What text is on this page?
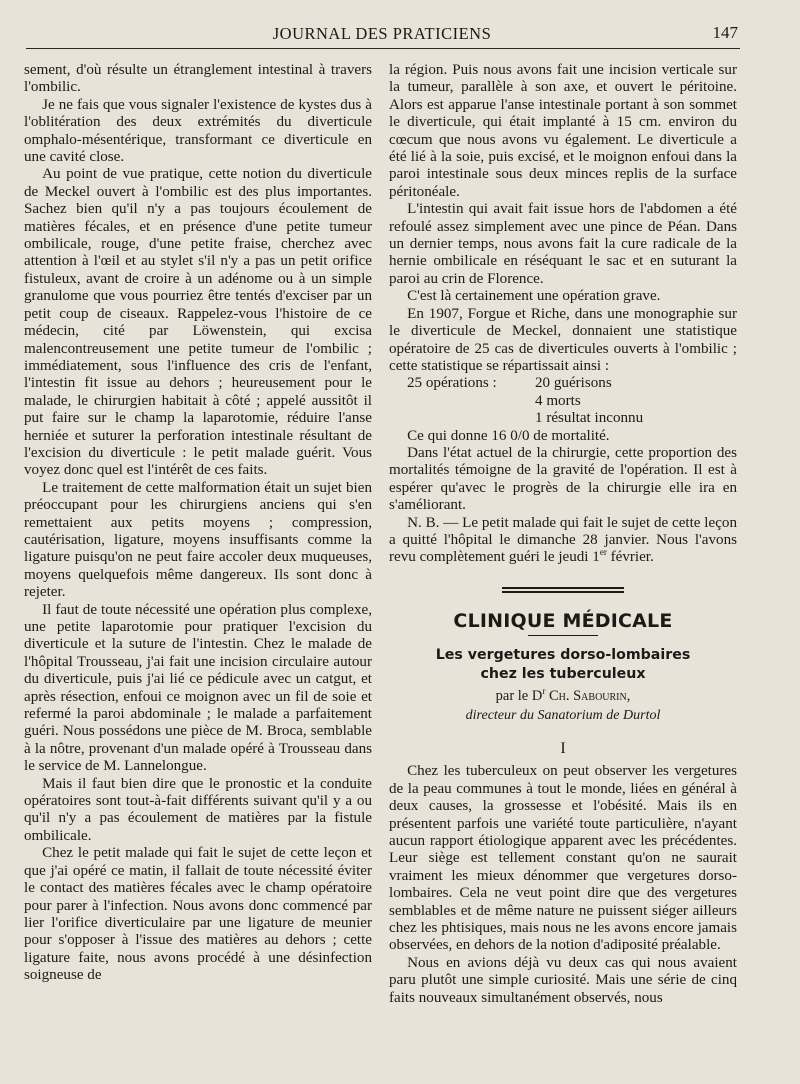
JOURNAL DES PRATICIENS	147

sement, d'où résulte un étranglement intestinal à travers l'ombilic.

Je ne fais que vous signaler l'existence de kystes dus à l'oblitération des deux extrémités du diverticule omphalo-mésentérique, transformant ce diverticule en une cavité close.

Au point de vue pratique, cette notion du diverticule de Meckel ouvert à l'ombilic est des plus importantes. Sachez bien qu'il n'y a pas toujours écoulement de matières fécales, et en présence d'une petite tumeur ombilicale, rouge, d'une petite fraise, cherchez avec attention à l'œil et au stylet s'il n'y a pas un petit orifice fistuleux, avant de croire à un adénome ou à un simple granulome que vous pourriez être tentés d'exciser par un petit coup de ciseaux. Rappelez-vous l'histoire de ce médecin, cité par Löwenstein, qui excisa malencontreusement une petite tumeur de l'ombilic ; immédiatement, sous l'influence des cris de l'enfant, l'intestin fit issue au dehors ; heureusement pour le malade, le chirurgien habitait à côté ; appelé aussitôt il put faire sur le champ la laparotomie, réduire l'anse herniée et suturer la perforation intestinale résultant de l'excision du diverticule : le petit malade guérit. Vous voyez donc quel est l'intérêt de ces faits.

Le traitement de cette malformation était un sujet bien préoccupant pour les chirurgiens anciens qui s'en remettaient aux petits moyens ; compression, cautérisation, ligature, moyens insuffisants comme la ligature puisqu'on ne peut faire accoler deux muqueuses, moyens quelquefois même dangereux. Ils sont donc à rejeter.

Il faut de toute nécessité une opération plus complexe, une petite laparotomie pour pratiquer l'excision du diverticule et la suture de l'intestin. Chez le malade de l'hôpital Trousseau, j'ai fait une incision circulaire autour du diverticule, puis j'ai lié ce pédicule avec un catgut, et après résection, enfoui ce moignon avec un fil de soie et refermé la paroi abdominale ; le malade a parfaitement guéri. Nous possédons une pièce de M. Broca, semblable à la nôtre, provenant d'un malade opéré à Trousseau dans le service de M. Lannelongue.

Mais il faut bien dire que le pronostic et la conduite opératoires sont tout-à-fait différents suivant qu'il y a ou qu'il n'y a pas écoulement de matières par la fistule ombilicale.

Chez le petit malade qui fait le sujet de cette leçon et que j'ai opéré ce matin, il fallait de toute nécessité éviter le contact des matières fécales avec le champ opératoire pour parer à l'infection. Nous avons donc commencé par lier l'orifice diverticulaire par une ligature de meunier pour s'opposer à l'issue des matières au dehors ; cette ligature faite, nous avons procédé à une désinfection soigneuse de

la région. Puis nous avons fait une incision verticale sur la tumeur, parallèle à son axe, et ouvert le péritoine. Alors est apparue l'anse intestinale portant à son sommet le diverticule, qui était implanté à 15 cm. environ du cœcum que nous avons vu également. Le diverticule a été lié à la soie, puis excisé, et le moignon enfoui dans la paroi intestinale sous deux minces replis de la surface péritonéale.

L'intestin qui avait fait issue hors de l'abdomen a été refoulé assez simplement avec une pince de Péan. Dans un dernier temps, nous avons fait la cure radicale de la hernie ombilicale en réséquant le sac et en suturant la paroi au crin de Florence.

C'est là certainement une opération grave.

En 1907, Forgue et Riche, dans une monographie sur le diverticule de Meckel, donnaient une statistique opératoire de 25 cas de diverticules ouverts à l'ombilic ; cette statistique se répartissait ainsi :

25 opérations :	20 guérisons
4 morts
1 résultat inconnu

Ce qui donne 16 0/0 de mortalité.

Dans l'état actuel de la chirurgie, cette proportion des mortalités témoigne de la gravité de l'opération. Il est à espérer qu'avec le progrès de la chirurgie elle ira en s'améliorant.

N. B. — Le petit malade qui fait le sujet de cette leçon a quitté l'hôpital le dimanche 28 janvier. Nous l'avons revu complètement guéri le jeudi 1er février.

CLINIQUE MÉDICALE
Les vergetures dorso-lombaires
chez les tuberculeux
par le $D^r$ Ch. Sabourin,
directeur du Sanatorium de Durtol
I

Chez les tuberculeux on peut observer les vergetures de la peau communes à tout le monde, liées en général à deux causes, la grossesse et l'obésité. Mais ils en présentent parfois une variété toute particulière, n'ayant aucun rapport étiologique apparent avec les précédentes. Leur siège est tellement constant qu'on ne saurait vraiment les mieux dénommer que vergetures dorso-lombaires. Cela ne veut point dire que des vergetures semblables et de même nature ne puissent siéger ailleurs chez les phtisiques, mais nous ne les avons encore jamais observées, en dehors de la notion d'adiposité préalable.

Nous en avions déjà vu deux cas qui nous avaient paru plutôt une simple curiosité. Mais une série de cinq faits nouveaux simultanément observés, nous
